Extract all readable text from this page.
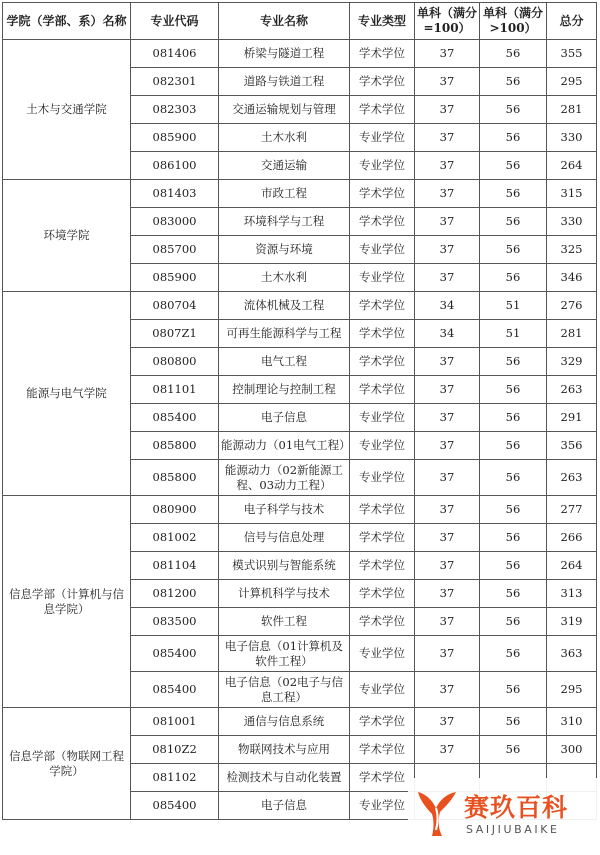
学院（学部、系）名称	专业代码	专业名称	专业类型	单科（满分=100）	单科（满分>100）	总分
土木与交通学院	081406	桥梁与隧道工程	学术学位	37	56	355
	082301	道路与铁道工程	学术学位	37	56	295
	082303	交通运输规划与管理	学术学位	37	56	281
	085900	土木水利	专业学位	37	56	330
	086100	交通运输	专业学位	37	56	264
环境学院	081403	市政工程	学术学位	37	56	315
	083000	环境科学与工程	学术学位	37	56	330
	085700	资源与环境	专业学位	37	56	325
	085900	土木水利	专业学位	37	56	346
能源与电气学院	080704	流体机械及工程	学术学位	34	51	276
	0807Z1	可再生能源科学与工程	学术学位	34	51	281
	080800	电气工程	学术学位	37	56	329
	081101	控制理论与控制工程	学术学位	37	56	263
	085400	电子信息	专业学位	37	56	291
	085800	能源动力（01电气工程）	专业学位	37	56	356
	085800	能源动力（02新能源工程、03动力工程）	专业学位	37	56	263
信息学部（计算机与信息学院）	080900	电子科学与技术	学术学位	37	56	277
	081002	信号与信息处理	学术学位	37	56	266
	081104	模式识别与智能系统	学术学位	37	56	264
	081200	计算机科学与技术	学术学位	37	56	313
	083500	软件工程	学术学位	37	56	319
	085400	电子信息（01计算机及软件工程）	专业学位	37	56	363
	085400	电子信息（02电子与信息工程）	专业学位	37	56	295
信息学部（物联网工程学院）	081001	通信与信息系统	学术学位	37	56	310
	0810Z2	物联网技术与应用	学术学位	37	56	300
	081102	检测技术与自动化装置	学术学位			
	085400	电子信息	专业学位			赛玖百科
SAIJIUBAIKE
